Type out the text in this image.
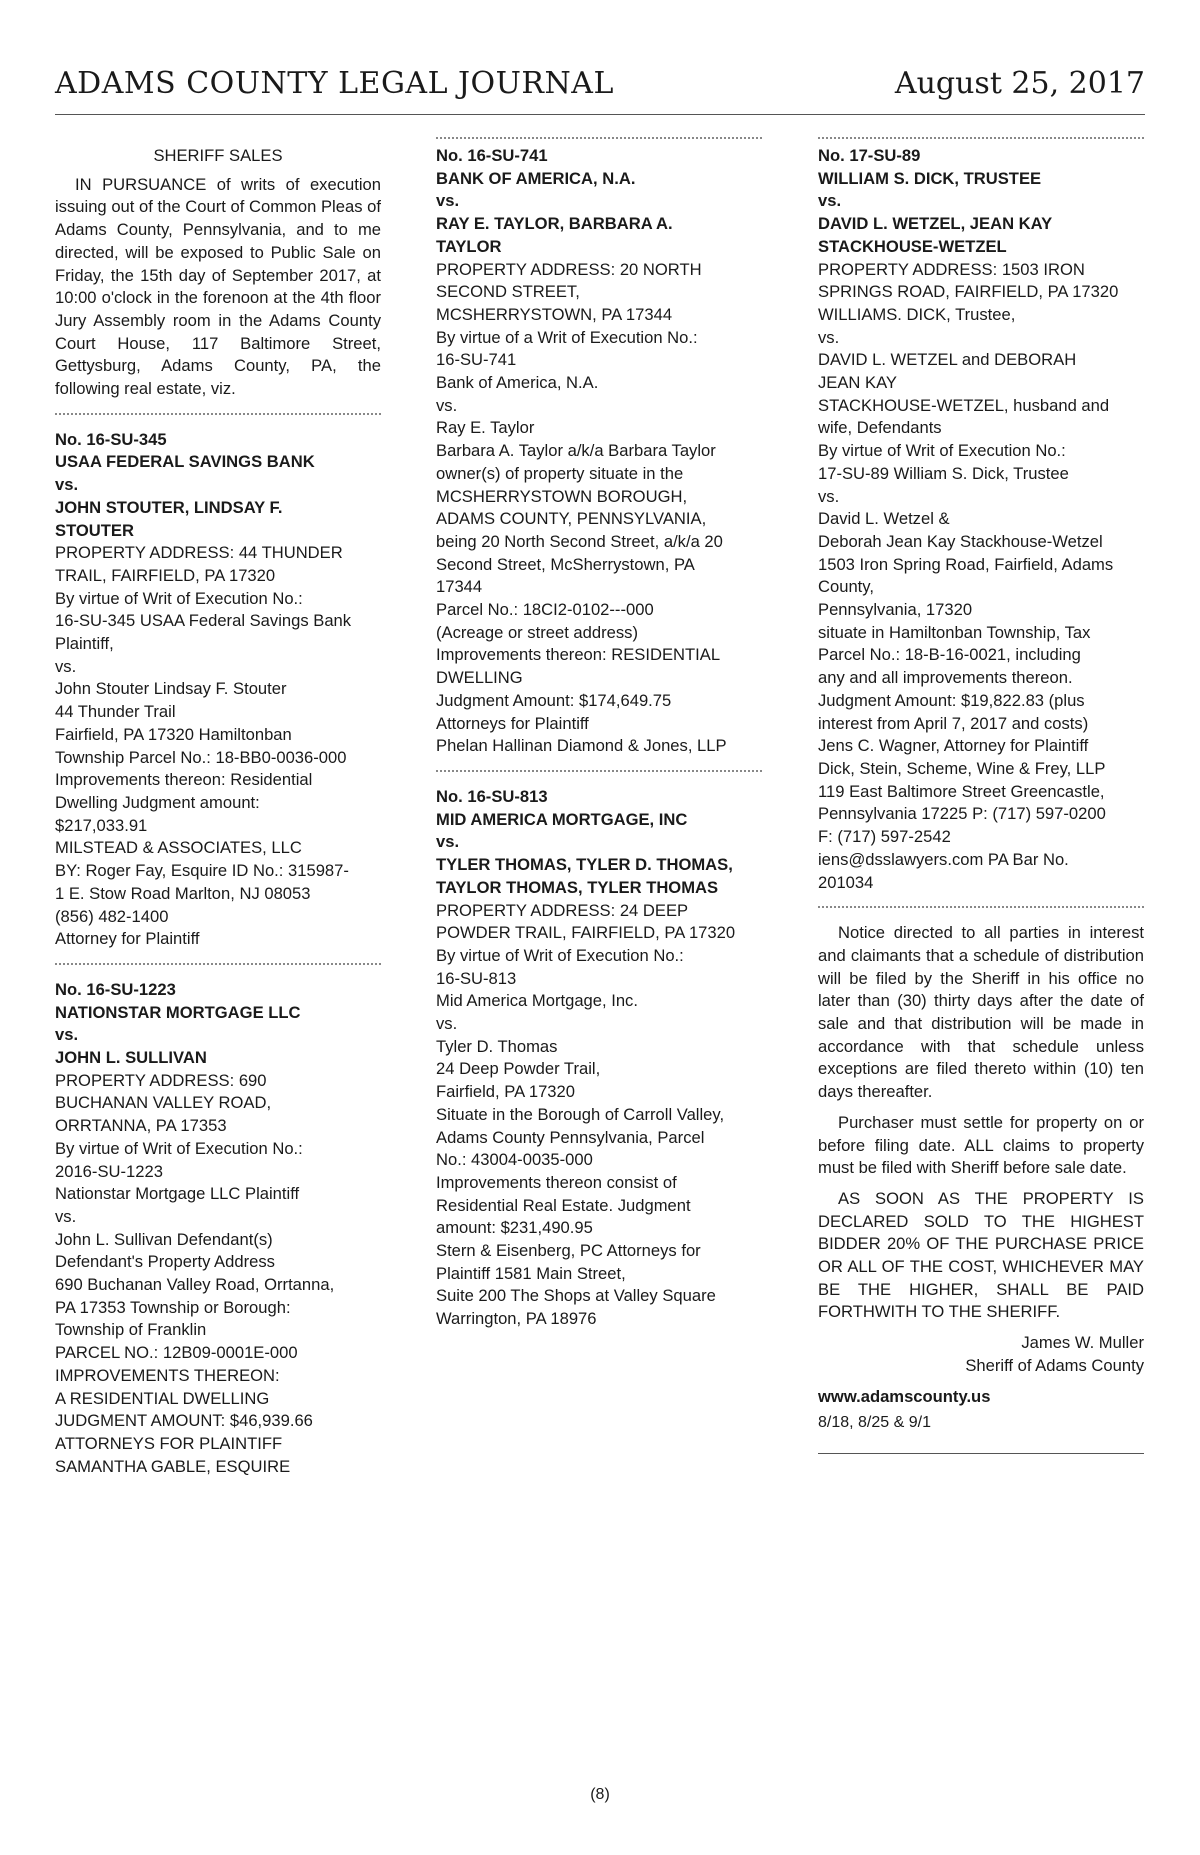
ADAMS COUNTY LEGAL JOURNAL	August 25, 2017
SHERIFF SALES
IN PURSUANCE of writs of execution issuing out of the Court of Common Pleas of Adams County, Pennsylvania, and to me directed, will be exposed to Public Sale on Friday, the 15th day of September 2017, at 10:00 o'clock in the forenoon at the 4th floor Jury Assembly room in the Adams County Court House, 117 Baltimore Street, Gettysburg, Adams County, PA, the following real estate, viz.
No. 16-SU-345
USAA FEDERAL SAVINGS BANK
vs.
JOHN STOUTER, LINDSAY F.
STOUTER
PROPERTY ADDRESS: 44 THUNDER
TRAIL, FAIRFIELD, PA 17320
By virtue of Writ of Execution No.:
16-SU-345 USAA Federal Savings Bank
Plaintiff,
vs.
John Stouter Lindsay F. Stouter
44 Thunder Trail
Fairfield, PA 17320 Hamiltonban
Township Parcel No.: 18-BB0-0036-000
Improvements thereon: Residential
Dwelling Judgment amount:
$217,033.91
MILSTEAD & ASSOCIATES, LLC
BY: Roger Fay, Esquire ID No.: 315987-
1 E. Stow Road Marlton, NJ 08053
(856) 482-1400
Attorney for Plaintiff
No. 16-SU-1223
NATIONSTAR MORTGAGE LLC
vs.
JOHN L. SULLIVAN
PROPERTY ADDRESS: 690
BUCHANAN VALLEY ROAD,
ORRTANNA, PA 17353
By virtue of Writ of Execution No.:
2016-SU-1223
Nationstar Mortgage LLC Plaintiff
vs.
John L. Sullivan Defendant(s)
Defendant's Property Address
690 Buchanan Valley Road, Orrtanna,
PA 17353 Township or Borough:
Township of Franklin
PARCEL NO.: 12B09-0001E-000
IMPROVEMENTS THEREON:
A RESIDENTIAL DWELLING
JUDGMENT AMOUNT: $46,939.66
ATTORNEYS FOR PLAINTIFF
SAMANTHA GABLE, ESQUIRE
No. 16-SU-741
BANK OF AMERICA, N.A.
vs.
RAY E. TAYLOR, BARBARA A.
TAYLOR
PROPERTY ADDRESS: 20 NORTH
SECOND STREET,
MCSHERRYSTOWN, PA 17344
By virtue of a Writ of Execution No.:
16-SU-741
Bank of America, N.A.
vs.
Ray E. Taylor
Barbara A. Taylor a/k/a Barbara Taylor
owner(s) of property situate in the
MCSHERRYSTOWN BOROUGH,
ADAMS COUNTY, PENNSYLVANIA,
being 20 North Second Street, a/k/a 20
Second Street, McSherrystown, PA
17344
Parcel No.: 18CI2-0102---000
(Acreage or street address)
Improvements thereon: RESIDENTIAL
DWELLING
Judgment Amount: $174,649.75
Attorneys for Plaintiff
Phelan Hallinan Diamond & Jones, LLP
No. 16-SU-813
MID AMERICA MORTGAGE, INC
vs.
TYLER THOMAS, TYLER D. THOMAS,
TAYLOR THOMAS, TYLER THOMAS
PROPERTY ADDRESS: 24 DEEP
POWDER TRAIL, FAIRFIELD, PA 17320
By virtue of Writ of Execution No.:
16-SU-813
Mid America Mortgage, Inc.
vs.
Tyler D. Thomas
24 Deep Powder Trail,
Fairfield, PA 17320
Situate in the Borough of Carroll Valley,
Adams County Pennsylvania, Parcel
No.: 43004-0035-000
Improvements thereon consist of
Residential Real Estate. Judgment
amount: $231,490.95
Stern & Eisenberg, PC Attorneys for
Plaintiff 1581 Main Street,
Suite 200 The Shops at Valley Square
Warrington, PA 18976
No. 17-SU-89
WILLIAM S. DICK, TRUSTEE
vs.
DAVID L. WETZEL, JEAN KAY
STACKHOUSE-WETZEL
PROPERTY ADDRESS: 1503 IRON
SPRINGS ROAD, FAIRFIELD, PA 17320
WILLIAMS. DICK, Trustee,
vs.
DAVID L. WETZEL and DEBORAH
JEAN KAY
STACKHOUSE-WETZEL, husband and
wife, Defendants
By virtue of Writ of Execution No.:
17-SU-89 William S. Dick, Trustee
vs.
David L. Wetzel &
Deborah Jean Kay Stackhouse-Wetzel
1503 Iron Spring Road, Fairfield, Adams
County,
Pennsylvania, 17320
situate in Hamiltonban Township, Tax
Parcel No.: 18-B-16-0021, including
any and all improvements thereon.
Judgment Amount: $19,822.83 (plus
interest from April 7, 2017 and costs)
Jens C. Wagner, Attorney for Plaintiff
Dick, Stein, Scheme, Wine & Frey, LLP
119 East Baltimore Street Greencastle,
Pennsylvania 17225 P: (717) 597-0200
F: (717) 597-2542
iens@dsslawyers.com PA Bar No.
201034
Notice directed to all parties in interest and claimants that a schedule of distribution will be filed by the Sheriff in his office no later than (30) thirty days after the date of sale and that distribution will be made in accordance with that schedule unless exceptions are filed thereto within (10) ten days thereafter.
Purchaser must settle for property on or before filing date. ALL claims to property must be filed with Sheriff before sale date.
AS SOON AS THE PROPERTY IS DECLARED SOLD TO THE HIGHEST BIDDER 20% OF THE PURCHASE PRICE OR ALL OF THE COST, WHICHEVER MAY BE THE HIGHER, SHALL BE PAID FORTHWITH TO THE SHERIFF.
James W. Muller
Sheriff of Adams County
www.adamscounty.us
8/18, 8/25 & 9/1
(8)
